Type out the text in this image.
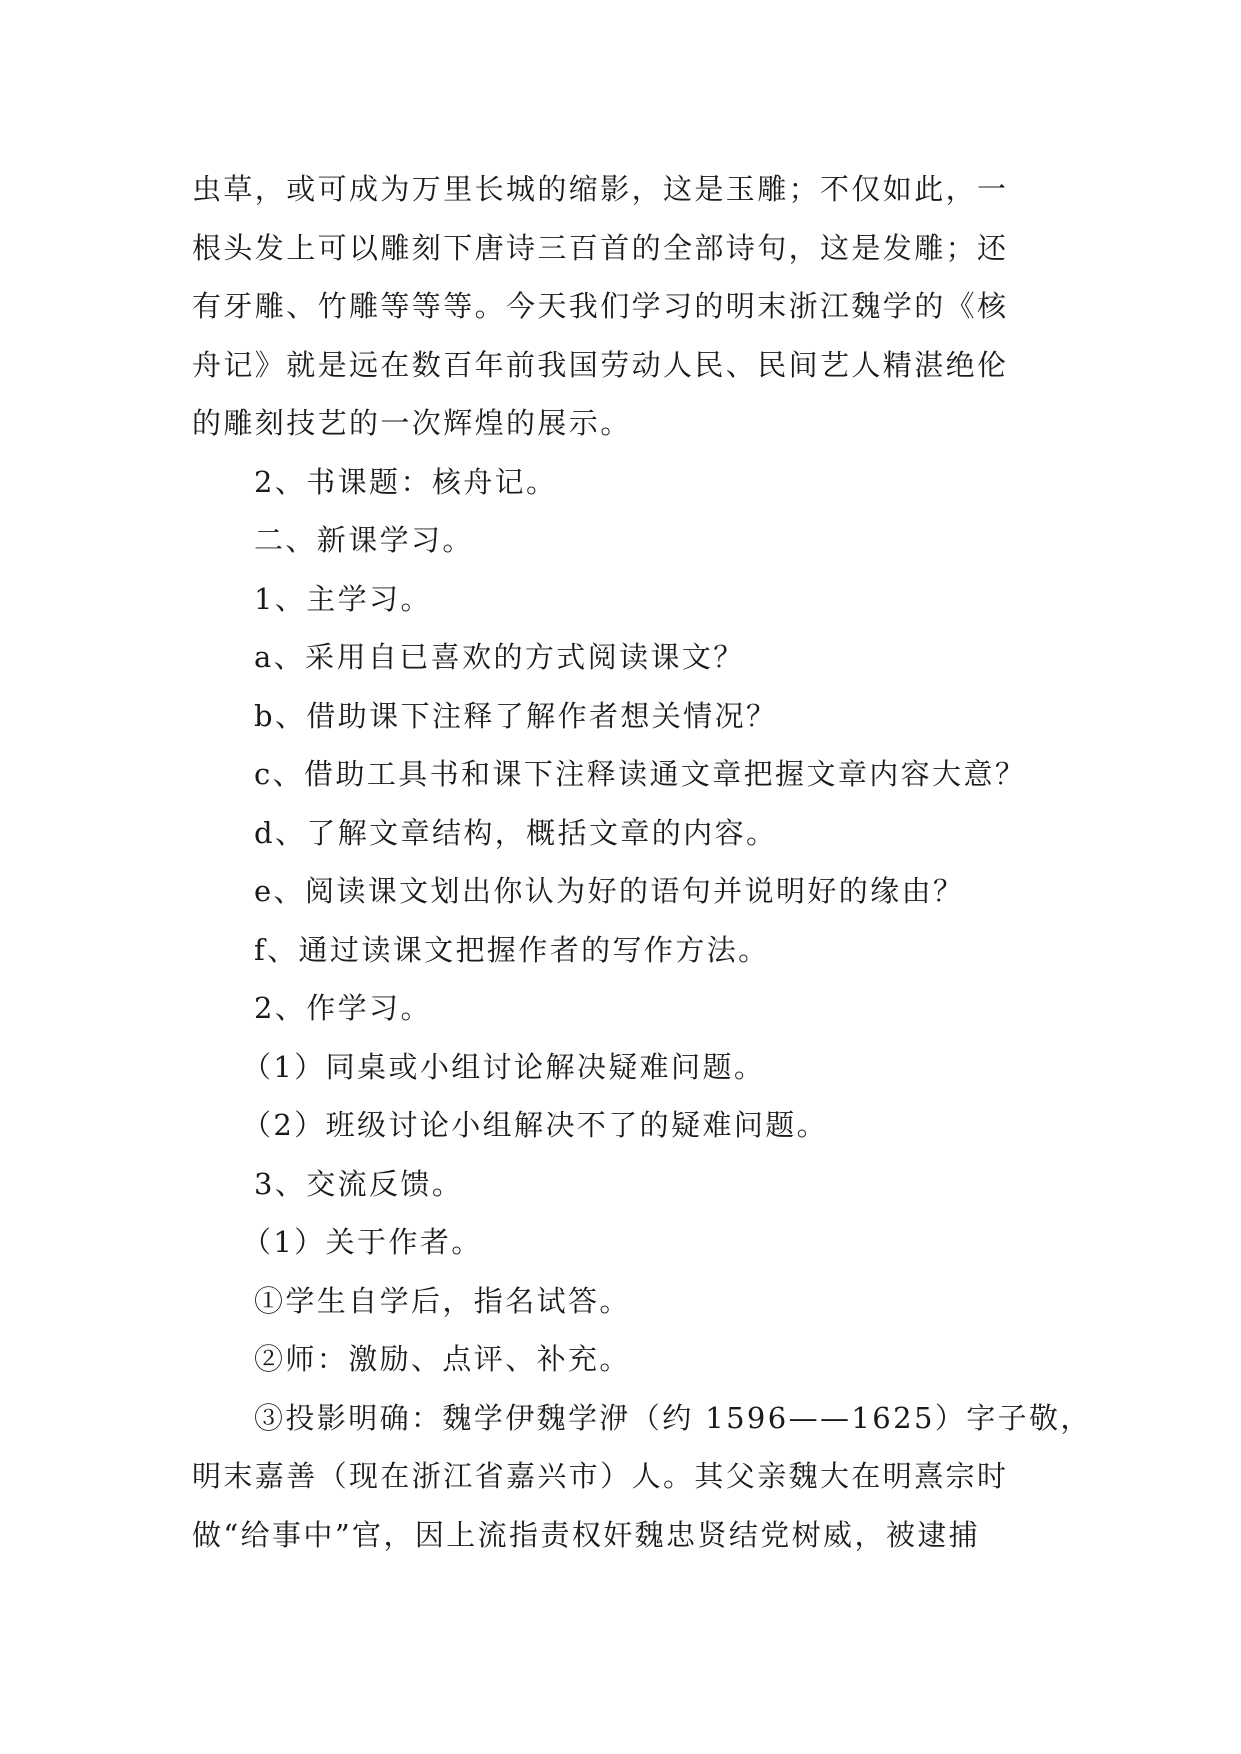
虫草，或可成为万里长城的缩影，这是玉雕；不仅如此，一
根头发上可以雕刻下唐诗三百首的全部诗句，这是发雕；还
有牙雕、竹雕等等等。今天我们学习的明末浙江魏学的《核
舟记》就是远在数百年前我国劳动人民、民间艺人精湛绝伦
的雕刻技艺的一次辉煌的展示。
2、书课题：核舟记。
二、新课学习。
1、主学习。
a、采用自已喜欢的方式阅读课文？
b、借助课下注释了解作者想关情况？
c、借助工具书和课下注释读通文章把握文章内容大意？
d、了解文章结构，概括文章的内容。
e、阅读课文划出你认为好的语句并说明好的缘由？
f、通过读课文把握作者的写作方法。
2、作学习。
（1）同桌或小组讨论解决疑难问题。
（2）班级讨论小组解决不了的疑难问题。
3、交流反馈。
（1）关于作者。
①学生自学后，指名试答。
②师：激励、点评、补充。
③投影明确：魏学伊魏学洢（约 1596——1625）字子敬，
明末嘉善（现在浙江省嘉兴市）人。其父亲魏大在明熹宗时
做“给事中”官，因上流指责权奸魏忠贤结党树威，被逮捕
